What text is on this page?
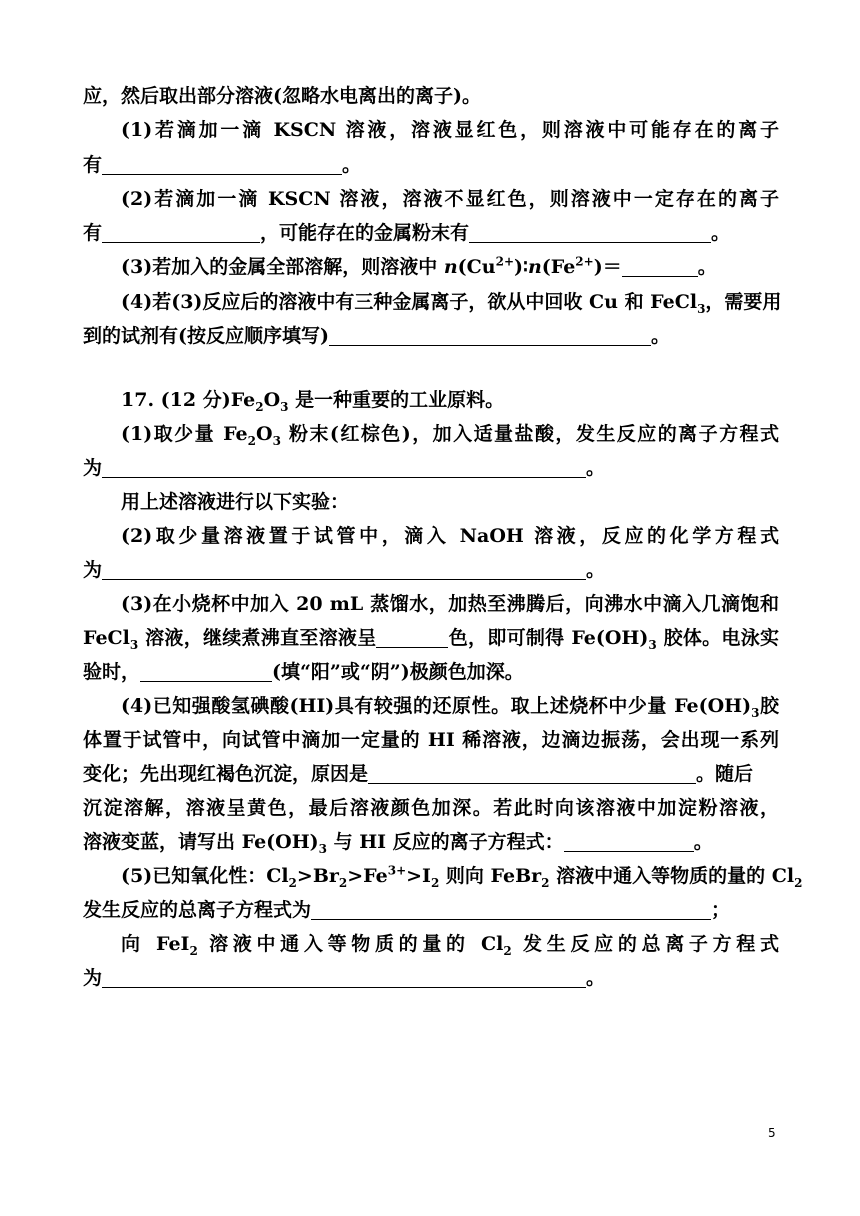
应，然后取出部分溶液(忽略水电离出的离子)。
(1)若滴加一滴 KSCN 溶液，溶液显红色，则溶液中可能存在的离子
有	。
(2)若滴加一滴 KSCN 溶液，溶液不显红色，则溶液中一定存在的离子
有	，可能存在的金属粉末有	。
(3)若加入的金属全部溶解，则溶液中 $n(Cu^{2+})∶n(Fe^{2+})=$	。
(4)若(3)反应后的溶液中有三种金属离子，欲从中回收 Cu 和 FeCl$_3$，需要用
到的试剂有(按反应顺序填写)	。
17. (12 分)$Fe_2O_3$ 是一种重要的工业原料。
(1)取少量 $Fe_2O_3$ 粉末(红棕色)，加入适量盐酸，发生反应的离子方程式
为	。
用上述溶液进行以下实验：
(2)取少量溶液置于试管中，滴入 NaOH 溶液，反应的化学方程式
为	。
(3)在小烧杯中加入 20 mL 蒸馏水，加热至沸腾后，向沸水中滴入几滴饱和
FeCl$_3$ 溶液，继续煮沸直至溶液呈	色，即可制得 $Fe(OH)_3$ 胶体。电泳实
验时，	(填“阳”或“阴”)极颜色加深。
(4)已知强酸氢碘酸(HI)具有较强的还原性。取上述烧杯中少量 $Fe(OH)_3$胶
体置于试管中，向试管中滴加一定量的 HI 稀溶液，边滴边振荡，会出现一系列
变化；先出现红褐色沉淀，原因是	。随后
沉淀溶解，溶液呈黄色，最后溶液颜色加深。若此时向该溶液中加淀粉溶液，
溶液变蓝，请写出 $Fe(OH)_3$ 与 HI 反应的离子方程式：	。
(5)已知氧化性：$Cl_2>Br_2>Fe^{3+}>I_2$ 则向 FeBr$_2$ 溶液中通入等物质的量的 $Cl_2$
发生反应的总离子方程式为	；
向 FeI$_2$ 溶液中通入等物质的量的 $Cl_2$ 发生反应的总离子方程式
为	。
5
